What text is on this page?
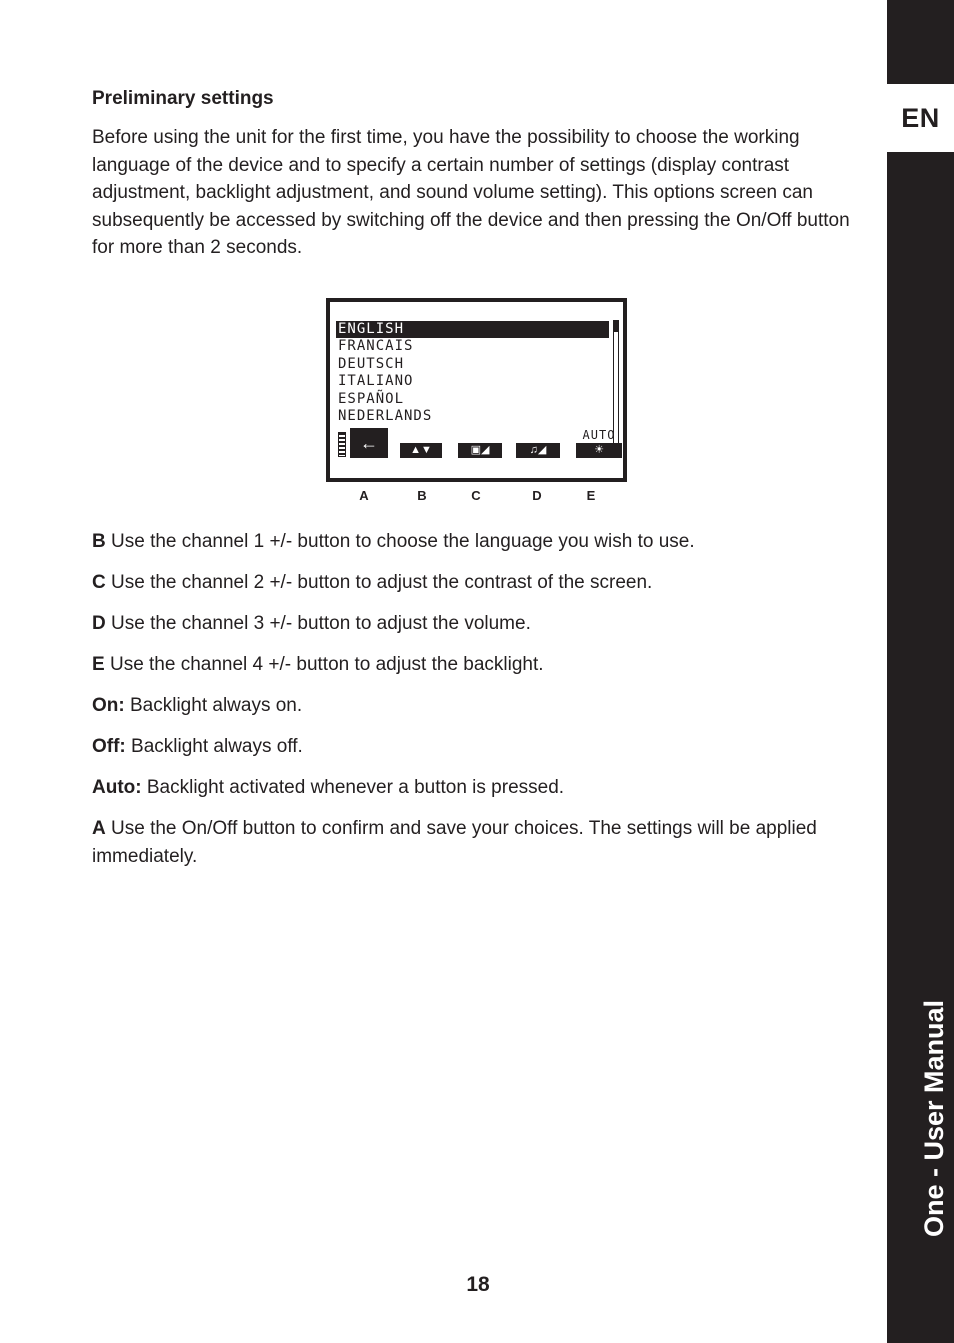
EN
One - User Manual
Preliminary settings

Before using the unit for the first time, you have the possibility to choose the working language of the device and to specify a certain number of settings (display contrast adjustment, backlight adjustment, and sound volume setting). This options screen can subsequently be accessed by switching off the device and then pressing the On/Off button for more than 2 seconds.

ENGLISH
FRANCAIS
DEUTSCH
ITALIANO
ESPAÑOL
NEDERLANDS
←	▲▼	▣◢	♫◢
AUTO
☀
A	B	C	D	E

B Use the channel 1 +/- button to choose the language you wish to use.

C Use the channel 2 +/- button to adjust the contrast of the screen.

D Use the channel 3 +/- button to adjust the volume.

E Use the channel 4 +/- button to adjust the backlight.

On: Backlight always on.

Off: Backlight always off.

Auto: Backlight activated whenever a button is pressed.

A Use the On/Off button to confirm and save your choices. The settings will be applied immediately.

18
